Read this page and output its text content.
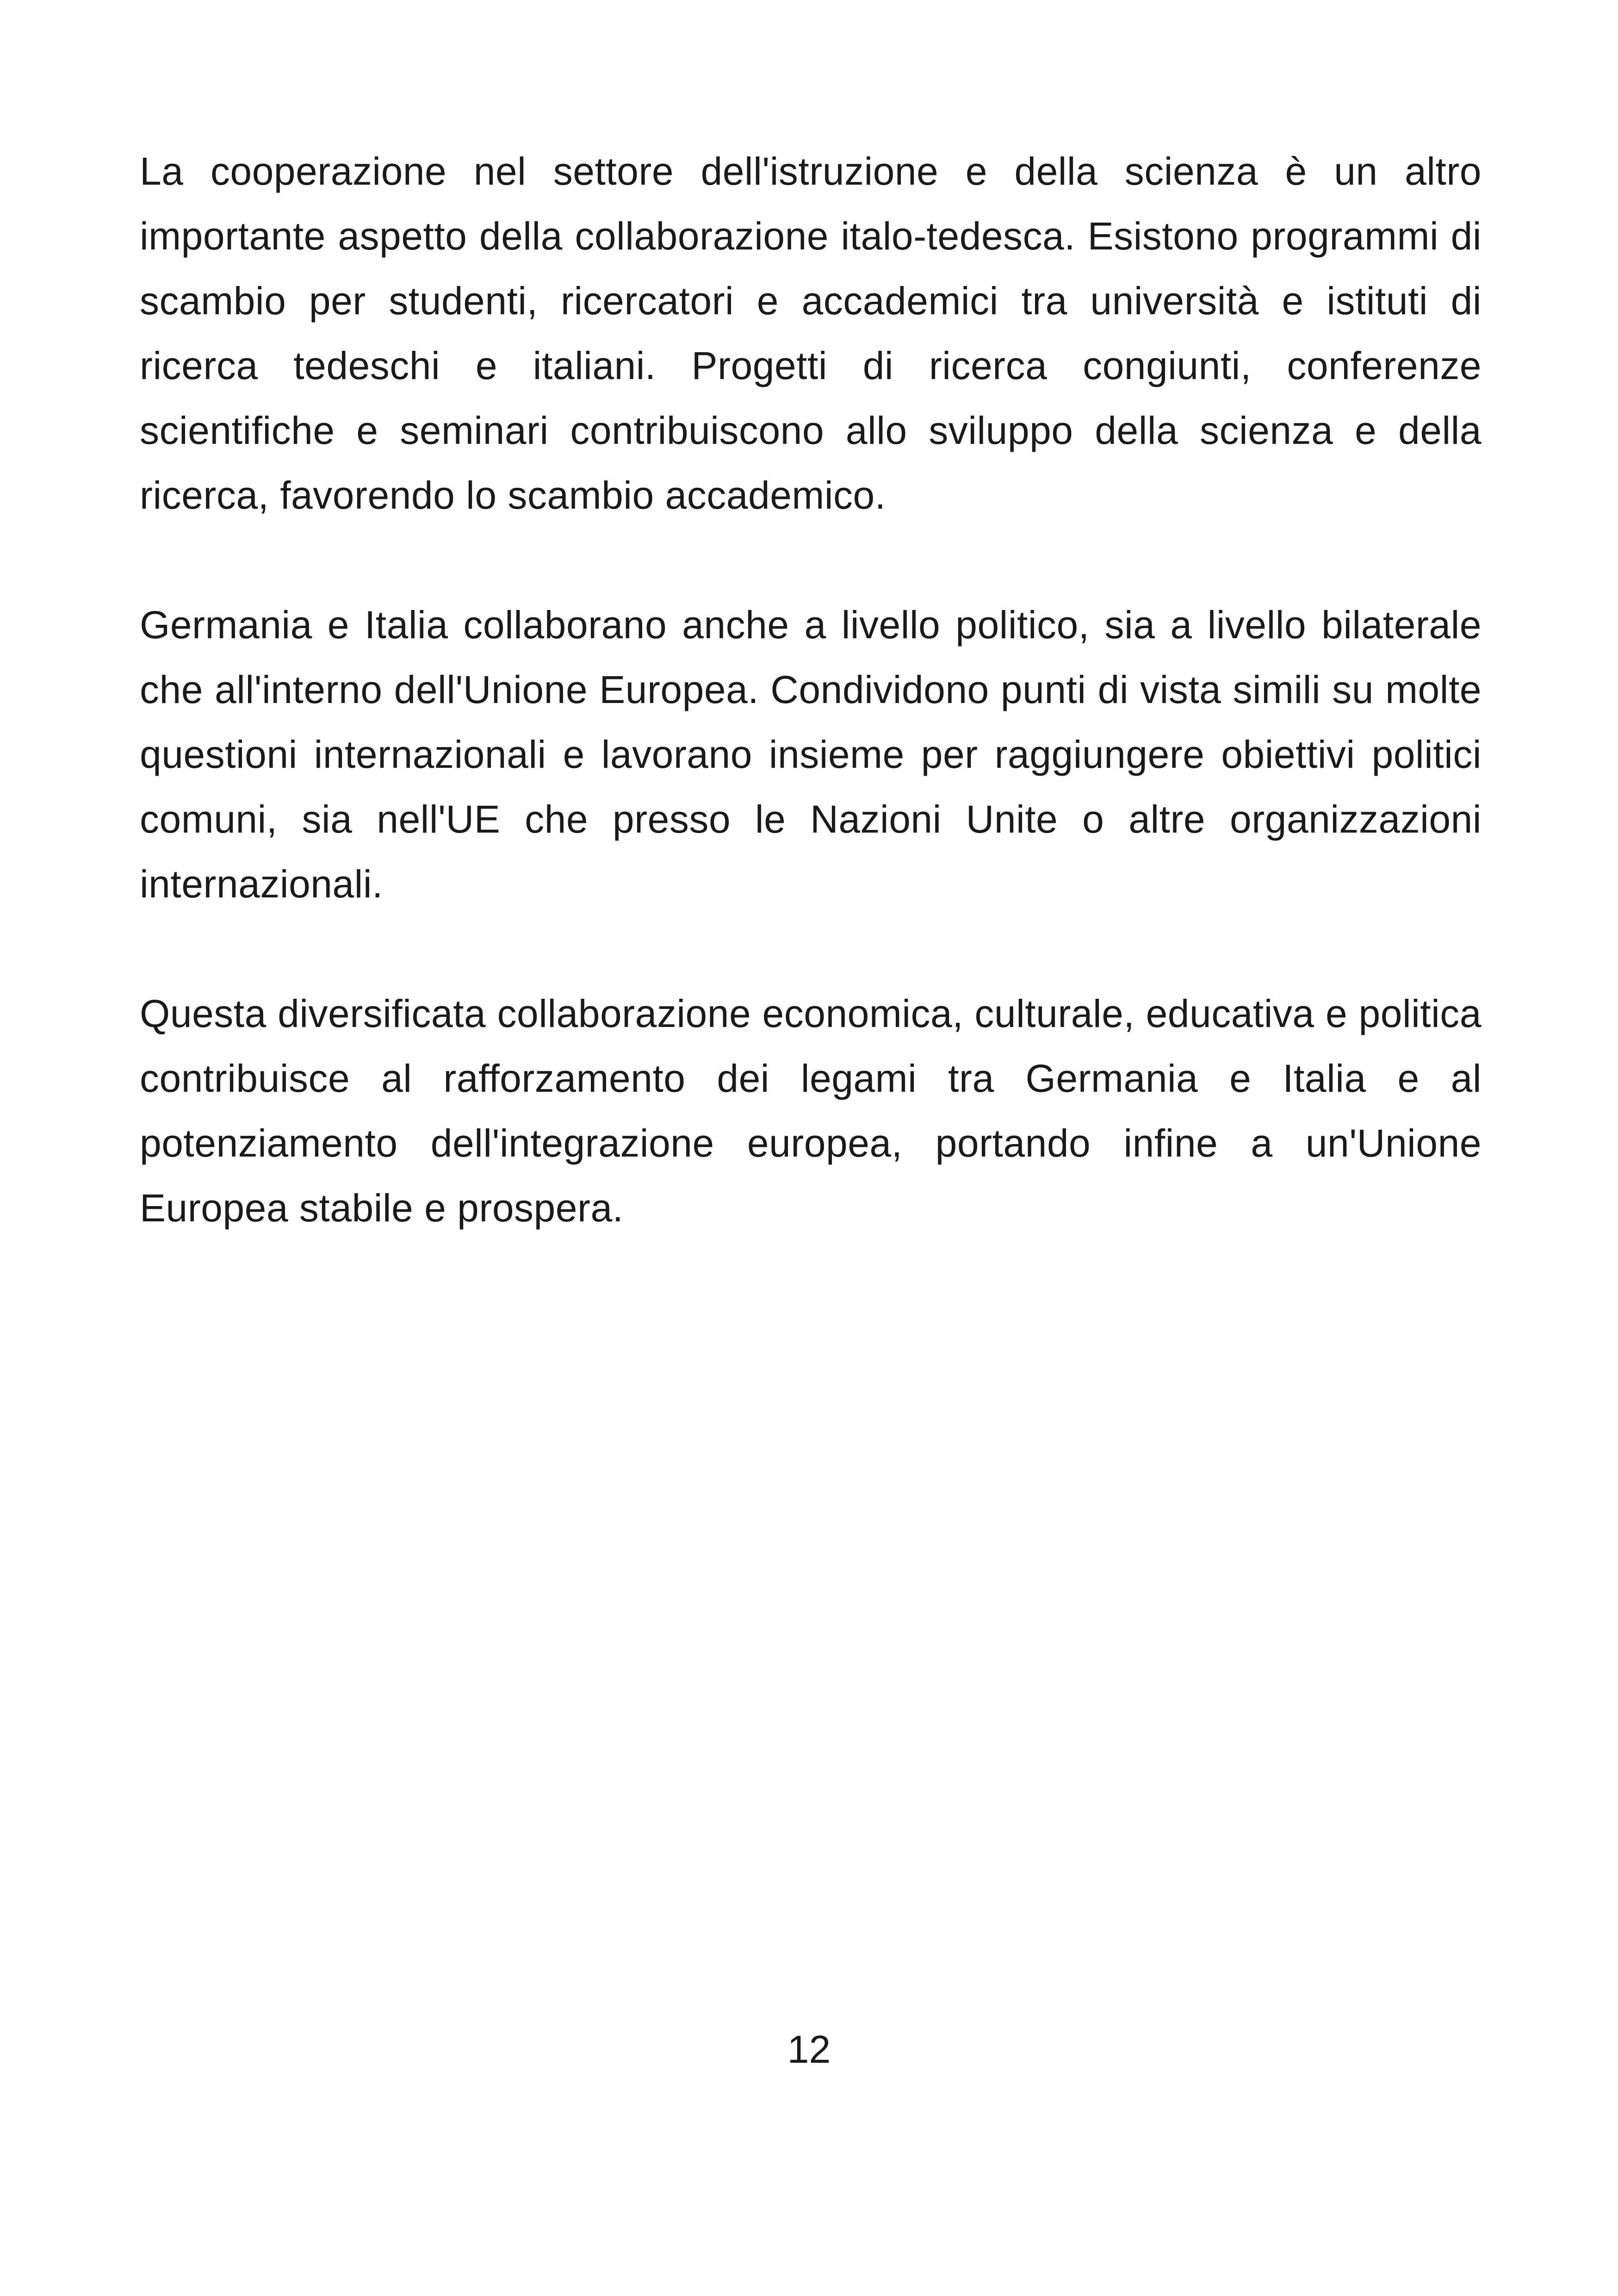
La cooperazione nel settore dell'istruzione e della scienza è un altro importante aspetto della collaborazione italo-tedesca. Esistono programmi di scambio per studenti, ricercatori e accademici tra università e istituti di ricerca tedeschi e italiani. Progetti di ricerca congiunti, conferenze scientifiche e seminari contribuiscono allo sviluppo della scienza e della ricerca, favorendo lo scambio accademico.

Germania e Italia collaborano anche a livello politico, sia a livello bilaterale che all'interno dell'Unione Europea. Condividono punti di vista simili su molte questioni internazionali e lavorano insieme per raggiungere obiettivi politici comuni, sia nell'UE che presso le Nazioni Unite o altre organizzazioni internazionali.

Questa diversificata collaborazione economica, culturale, educativa e politica contribuisce al rafforzamento dei legami tra Germania e Italia e al potenziamento dell'integrazione europea, portando infine a un'Unione Europea stabile e prospera.

12
